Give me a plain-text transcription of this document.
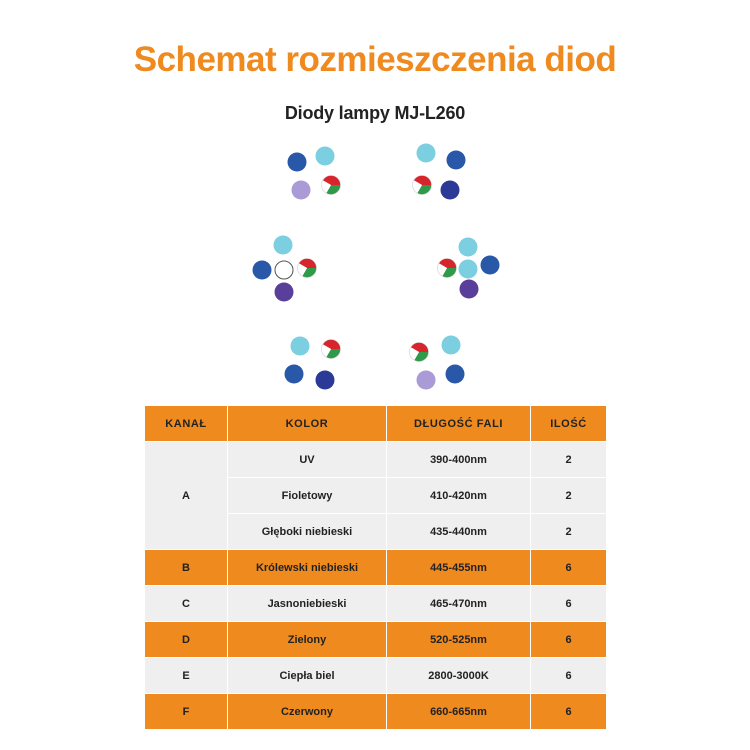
Schemat rozmieszczenia diod
Diody lampy MJ-L260
KANAŁ	KOLOR	DŁUGOŚĆ FALI	ILOŚĆ
A	UV	390-400nm	2
	Fioletowy	410-420nm	2
	Głęboki niebieski	435-440nm	2
B	Królewski niebieski	445-455nm	6
C	Jasnoniebieski	465-470nm	6
D	Zielony	520-525nm	6
E	Ciepła biel	2800-3000K	6
F	Czerwony	660-665nm	6
